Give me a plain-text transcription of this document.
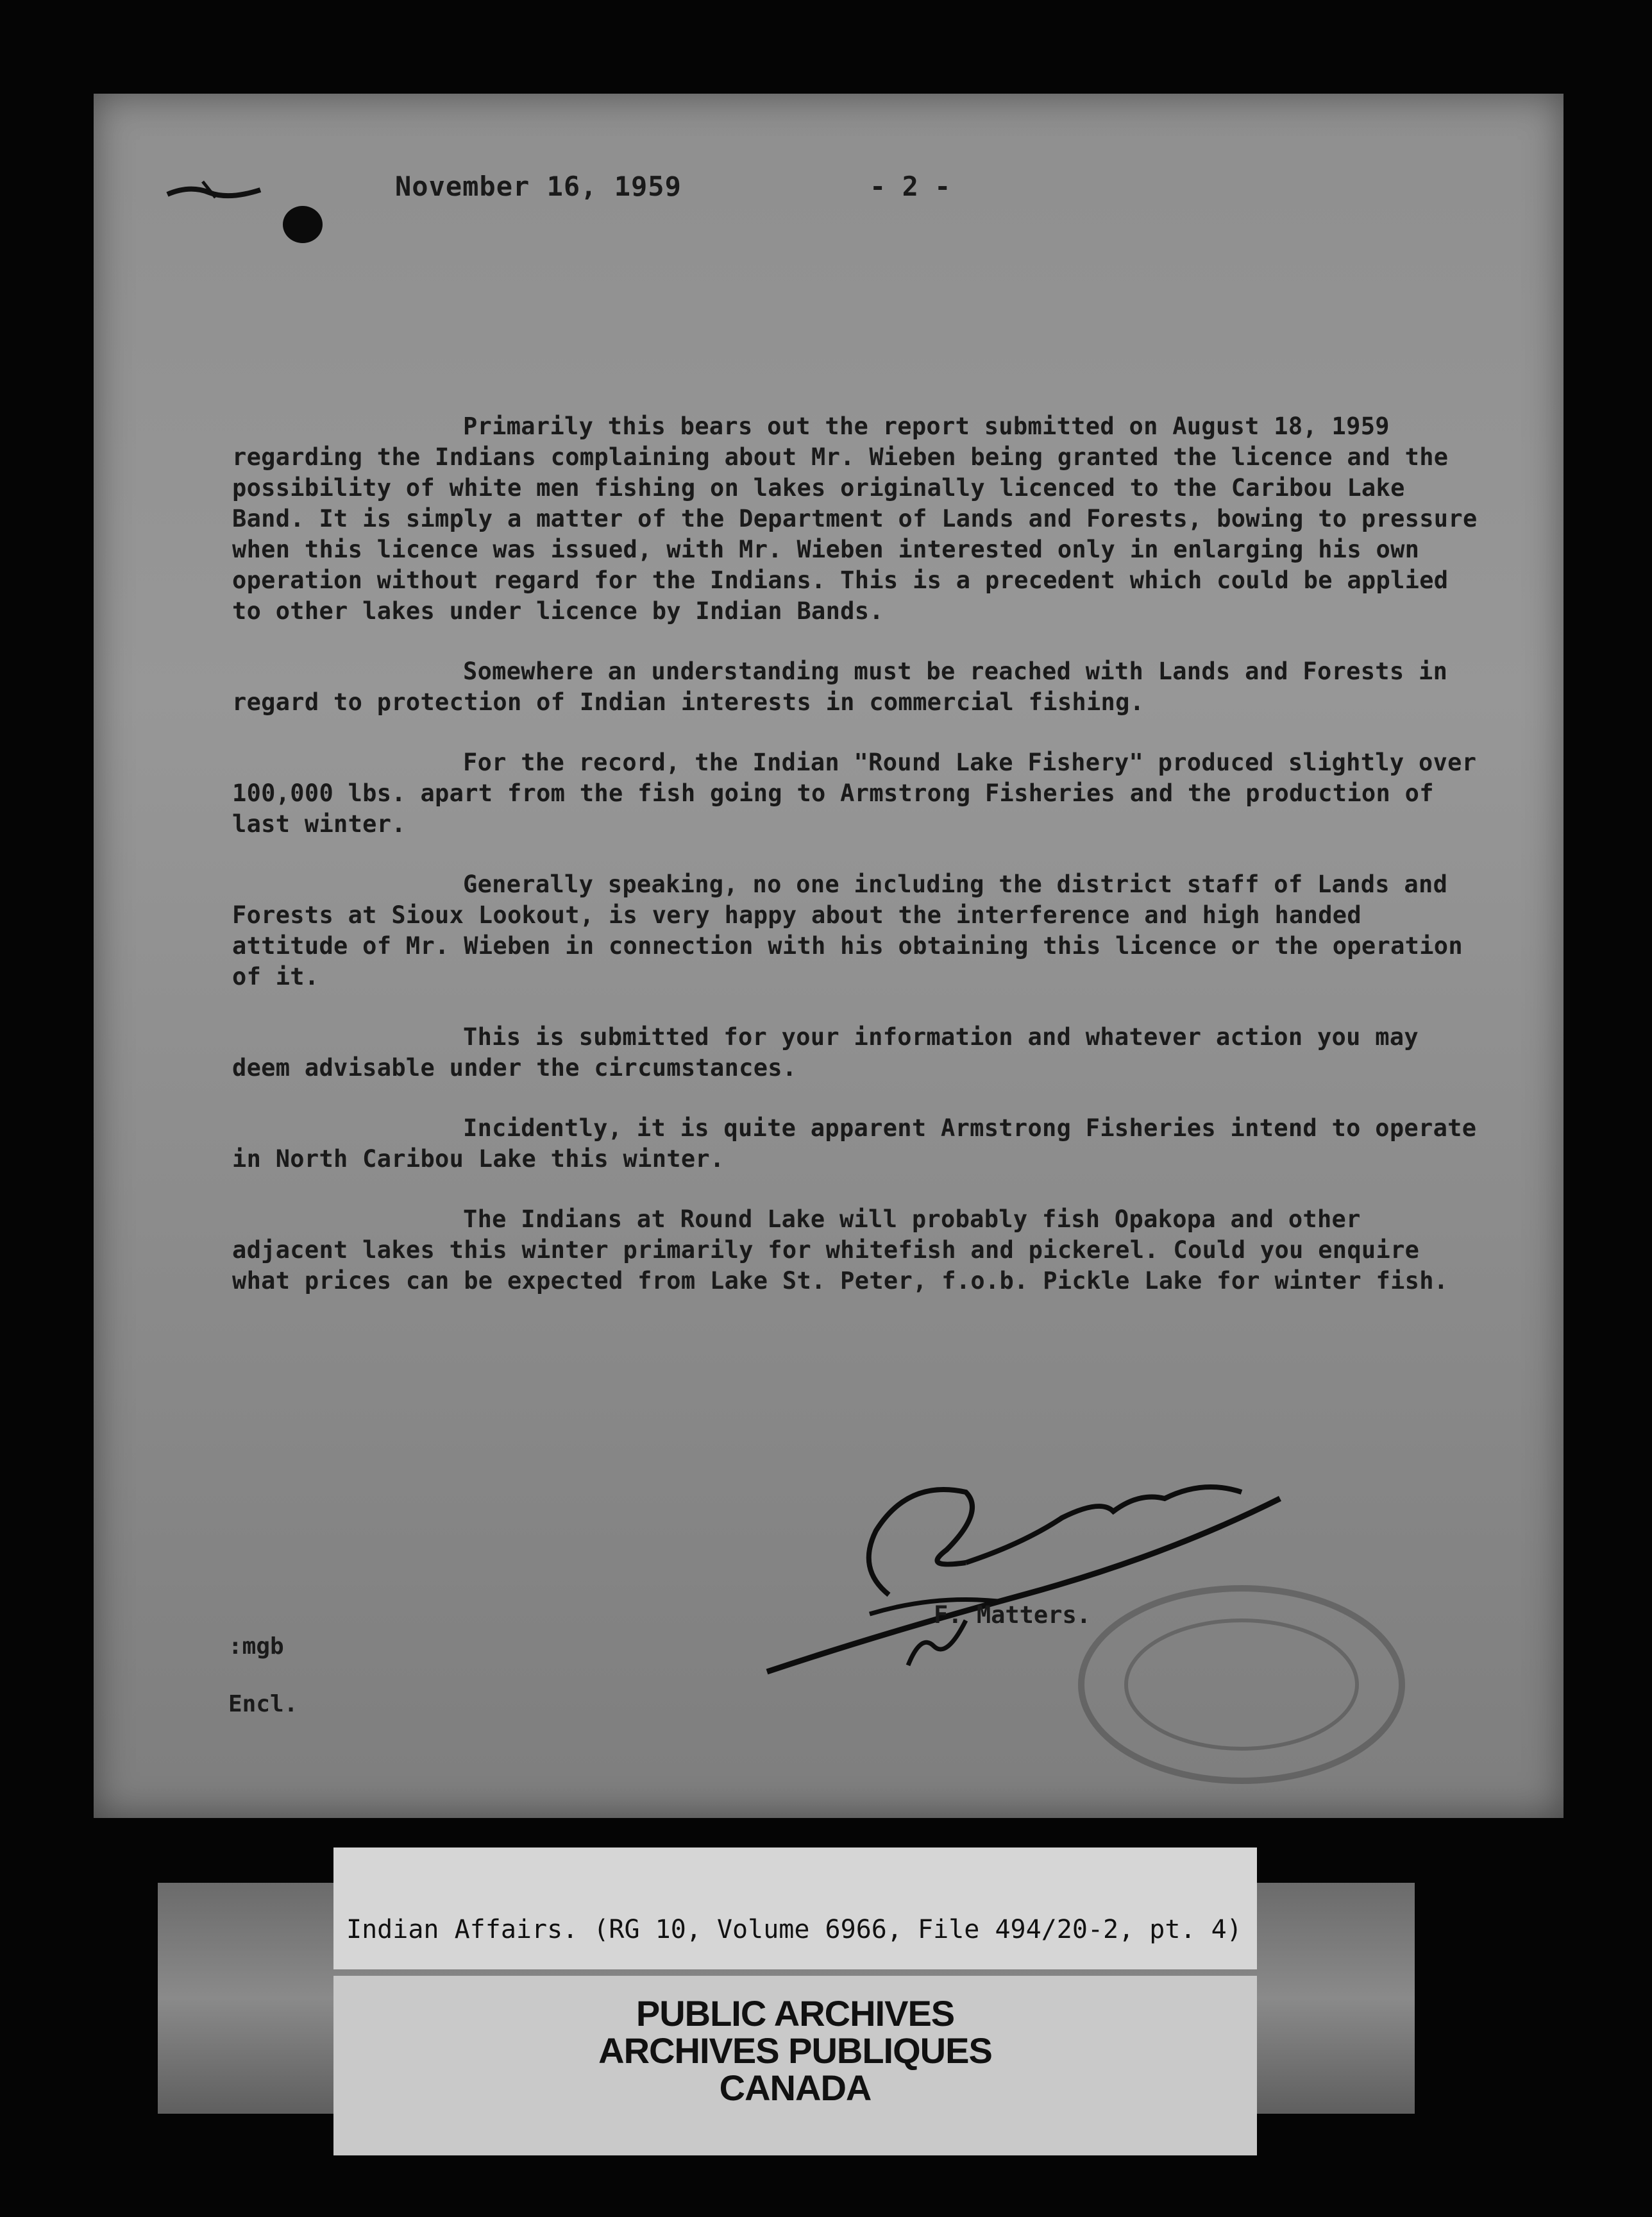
November 16, 1959	- 2 -

Primarily this bears out the report submitted on August 18, 1959 regarding the Indians complaining about Mr. Wieben being granted the licence and the possibility of white men fishing on lakes originally licenced to the Caribou Lake Band. It is simply a matter of the Department of Lands and Forests, bowing to pressure when this licence was issued, with Mr. Wieben interested only in enlarging his own operation without regard for the Indians. This is a precedent which could be applied to other lakes under licence by Indian Bands.

Somewhere an understanding must be reached with Lands and Forests in regard to protection of Indian interests in commercial fishing.

For the record, the Indian "Round Lake Fishery" produced slightly over 100,000 lbs. apart from the fish going to Armstrong Fisheries and the production of last winter.

Generally speaking, no one including the district staff of Lands and Forests at Sioux Lookout, is very happy about the interference and high handed attitude of Mr. Wieben in connection with his obtaining this licence or the operation of it.

This is submitted for your information and whatever action you may deem advisable under the circumstances.

Incidently, it is quite apparent Armstrong Fisheries intend to operate in North Caribou Lake this winter.

The Indians at Round Lake will probably fish Opakopa and other adjacent lakes this winter primarily for whitefish and pickerel. Could you enquire what prices can be expected from Lake St. Peter, f.o.b. Pickle Lake for winter fish.

F. Matters.
:mgb
Encl.
Indian Affairs. (RG 10, Volume 6966, File 494/20-2, pt. 4)
PUBLIC ARCHIVES
ARCHIVES PUBLIQUES
CANADA
